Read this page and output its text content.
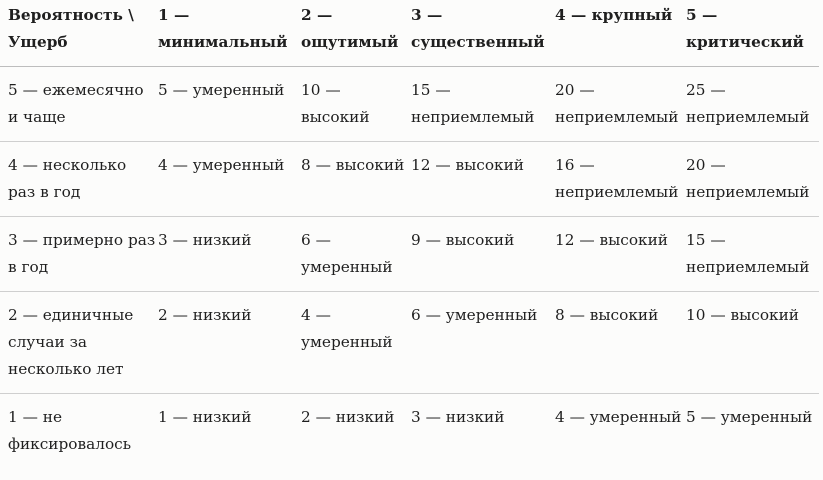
Вероятность \ Ущерб	1 — минимальный	2 — ощутимый	3 — существенный	4 — крупный	5 — критический
5 — ежемесячно и чаще	5 — умеренный	10 — высокий	15 — неприемлемый	20 — неприемлемый	25 — неприемлемый
4 — несколько раз в год	4 — умеренный	8 — высокий	12 — высокий	16 — неприемлемый	20 — неприемлемый
3 — примерно раз в год	3 — низкий	6 — умеренный	9 — высокий	12 — высокий	15 — неприемлемый
2 — единичные случаи за несколько лет	2 — низкий	4 — умеренный	6 — умеренный	8 — высокий	10 — высокий
1 — не фиксировалось	1 — низкий	2 — низкий	3 — низкий	4 — умеренный	5 — умеренный
